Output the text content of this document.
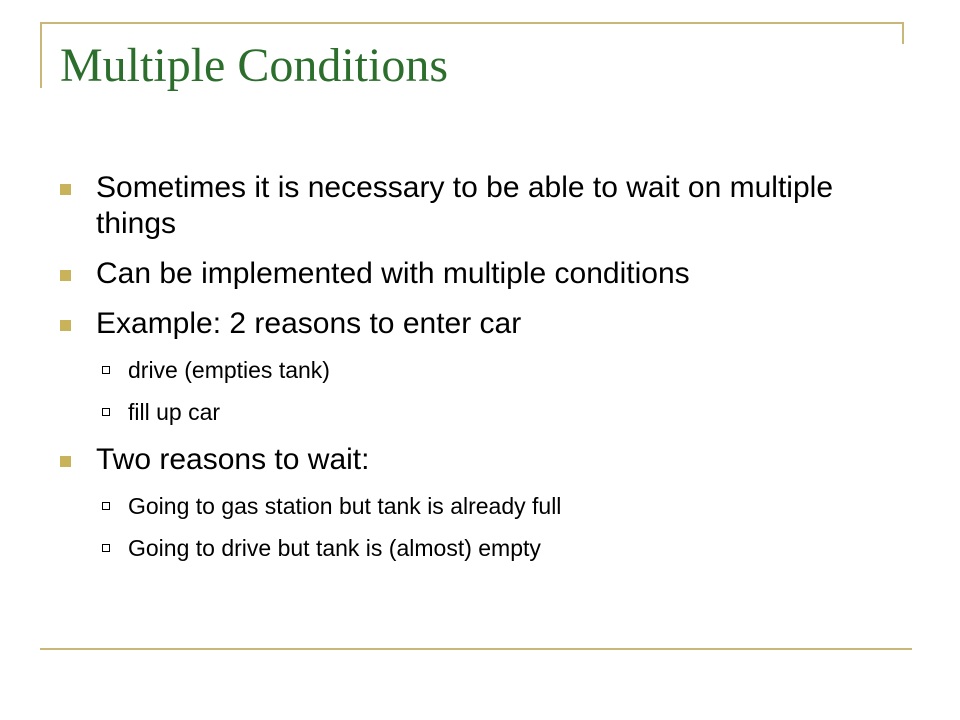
Multiple Conditions
Sometimes it is necessary to be able to wait on multiple things
Can be implemented with multiple conditions
Example: 2 reasons to enter car
drive (empties tank)
fill up car
Two reasons to wait:
Going to gas station but tank is already full
Going to drive but tank is (almost) empty
